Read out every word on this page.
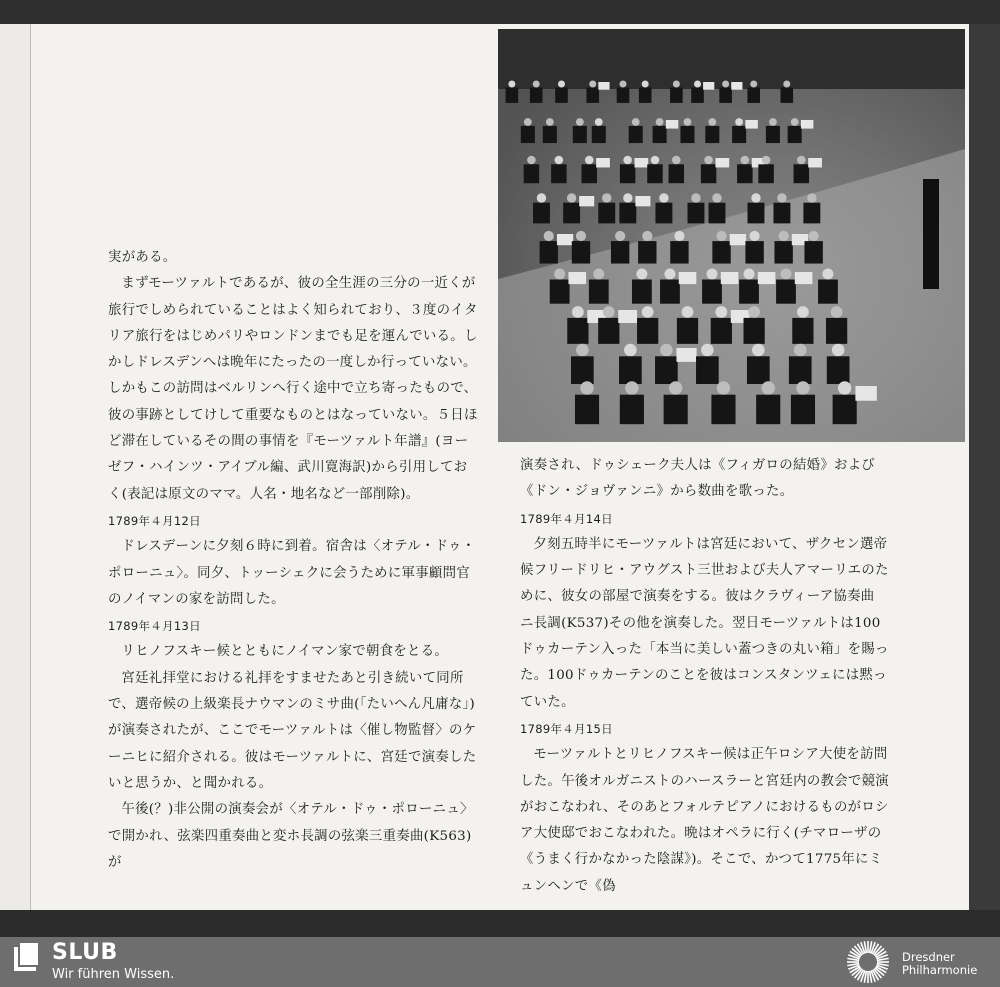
実がある。

まずモーツァルトであるが、彼の全生涯の三分の一近くが旅行でしめられていることはよく知られており、３度のイタリア旅行をはじめパリやロンドンまでも足を運んでいる。しかしドレスデンへは晩年にたったの一度しか行っていない。しかもこの訪問はベルリンへ行く途中で立ち寄ったもので、彼の事跡としてけして重要なものとはなっていない。５日ほど滞在しているその間の事情を『モーツァルト年譜』(ヨーゼフ・ハインツ・アイブル編、武川寛海訳)から引用しておく(表記は原文のママ。人名・地名など一部削除)。

1789年４月12日

ドレスデーンに夕刻６時に到着。宿舎は〈オテル・ドゥ・ポローニュ〉。同夕、トッーシェクに会うために軍事顧問官のノイマンの家を訪問した。

1789年４月13日

リヒノフスキー候とともにノイマン家で朝食をとる。

宮廷礼拝堂における礼拝をすませたあと引き続いて同所で、選帝候の上級楽長ナウマンのミサ曲(「たいへん凡庸な」)が演奏されたが、ここでモーツァルトは〈催し物監督〉のケーニヒに紹介される。彼はモーツァルトに、宮廷で演奏したいと思うか、と聞かれる。

午後(？)非公開の演奏会が〈オテル・ドゥ・ポローニュ〉で開かれ、弦楽四重奏曲と変ホ長調の弦楽三重奏曲(K563)が

演奏され、ドゥシェーク夫人は《フィガロの結婚》および《ドン・ジョヴァンニ》から数曲を歌った。

1789年４月14日

夕刻五時半にモーツァルトは宮廷において、ザクセン選帝候フリードリヒ・アウグスト三世および夫人アマーリエのために、彼女の部屋で演奏をする。彼はクラヴィーア協奏曲　ニ長調(K537)その他を演奏した。翌日モーツァルトは100ドゥカーテン入った「本当に美しい蓋つきの丸い箱」を賜った。100ドゥカーテンのことを彼はコンスタンツェには黙っていた。

1789年４月15日

モーツァルトとリヒノフスキー候は正午ロシア大使を訪問した。午後オルガニストのハースラーと宮廷内の教会で競演がおこなわれ、そのあとフォルテピアノにおけるものがロシア大使邸でおこなわれた。晩はオペラに行く(チマローザの《うまく行かなかった陰謀》)。そこで、かつて1775年にミュンヘンで《偽

SLUB
Wir führen Wissen.
Dresdner
Philharmonie
